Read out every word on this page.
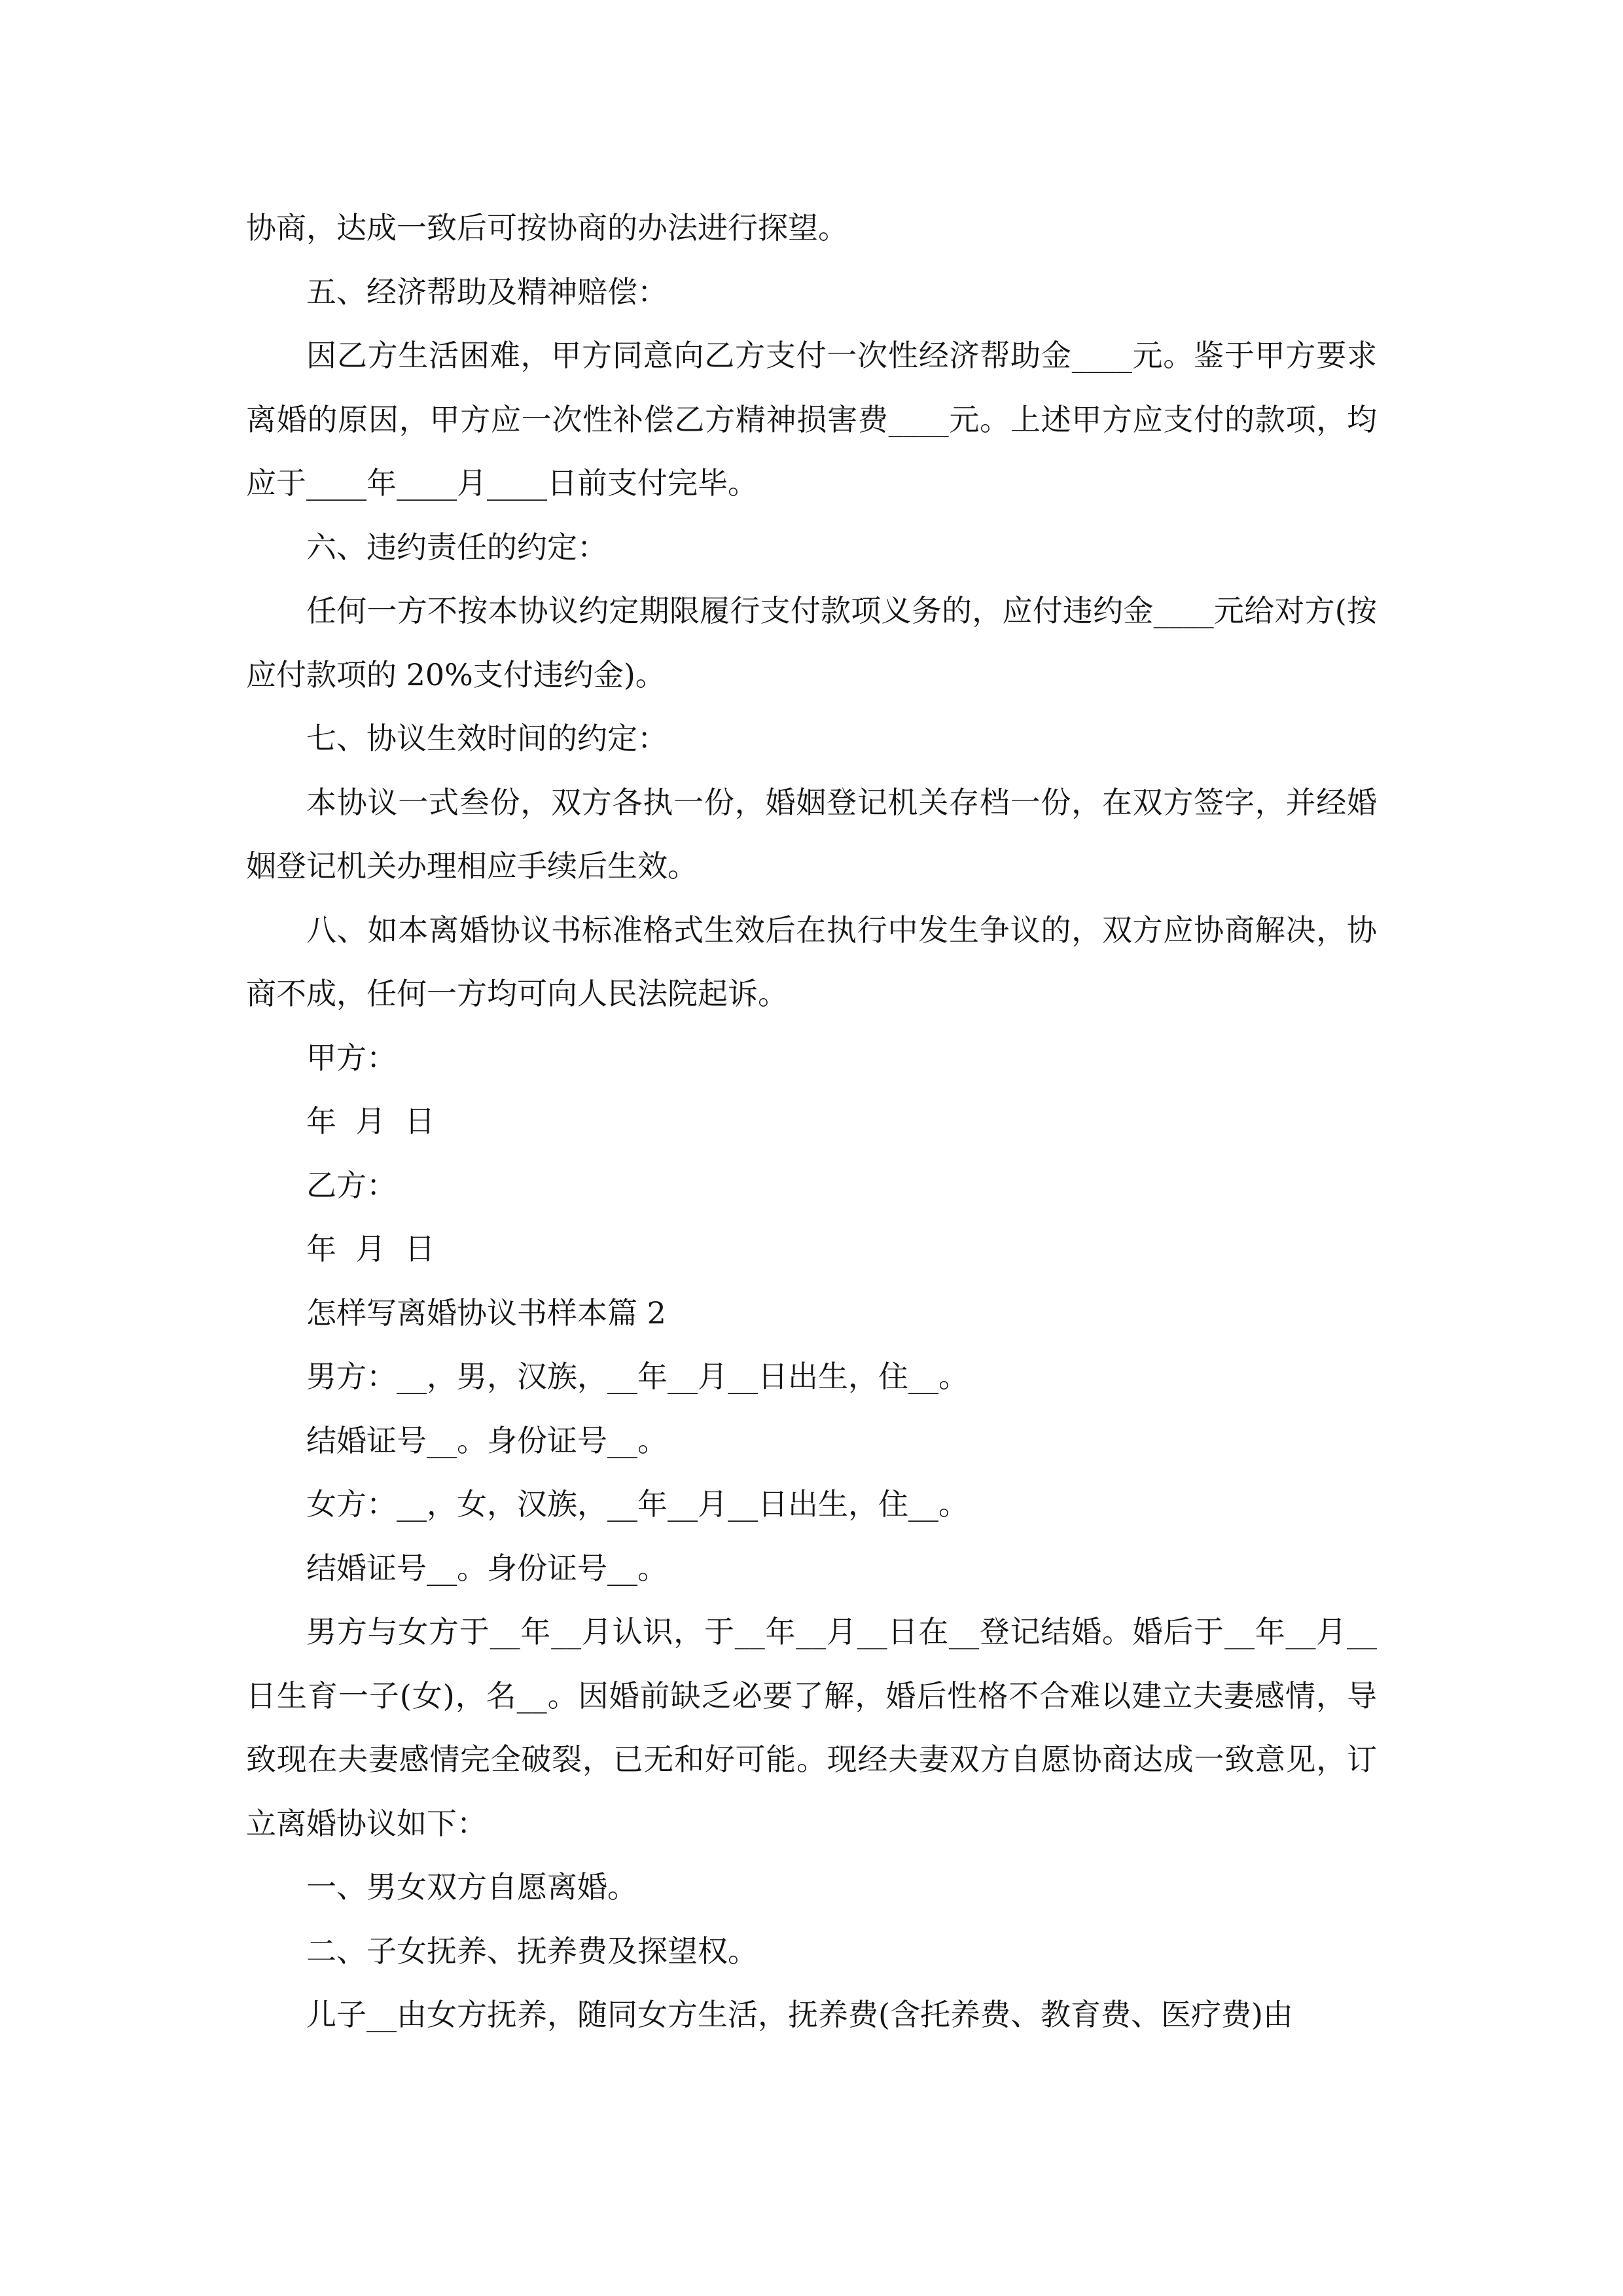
协商，达成一致后可按协商的办法进行探望。

五、经济帮助及精神赔偿：

因乙方生活困难，甲方同意向乙方支付一次性经济帮助金____元。鉴于甲方要求离婚的原因，甲方应一次性补偿乙方精神损害费____元。上述甲方应支付的款项，均应于____年____月____日前支付完毕。

六、违约责任的约定：

任何一方不按本协议约定期限履行支付款项义务的，应付违约金____元给对方(按应付款项的 20%支付违约金)。

七、协议生效时间的约定：

本协议一式叁份，双方各执一份，婚姻登记机关存档一份，在双方签字，并经婚姻登记机关办理相应手续后生效。

八、如本离婚协议书标准格式生效后在执行中发生争议的，双方应协商解决，协商不成，任何一方均可向人民法院起诉。

甲方：

年  月  日

乙方：

年  月  日

怎样写离婚协议书样本篇 2

男方：__，男，汉族，__年__月__日出生，住__。

结婚证号__。身份证号__。

女方：__，女，汉族，__年__月__日出生，住__。

结婚证号__。身份证号__。

男方与女方于__年__月认识，于__年__月__日在__登记结婚。婚后于__年__月__日生育一子(女)，名__。因婚前缺乏必要了解，婚后性格不合难以建立夫妻感情，导致现在夫妻感情完全破裂，已无和好可能。现经夫妻双方自愿协商达成一致意见，订立离婚协议如下：

一、男女双方自愿离婚。

二、子女抚养、抚养费及探望权。

儿子__由女方抚养，随同女方生活，抚养费(含托养费、教育费、医疗费)由
